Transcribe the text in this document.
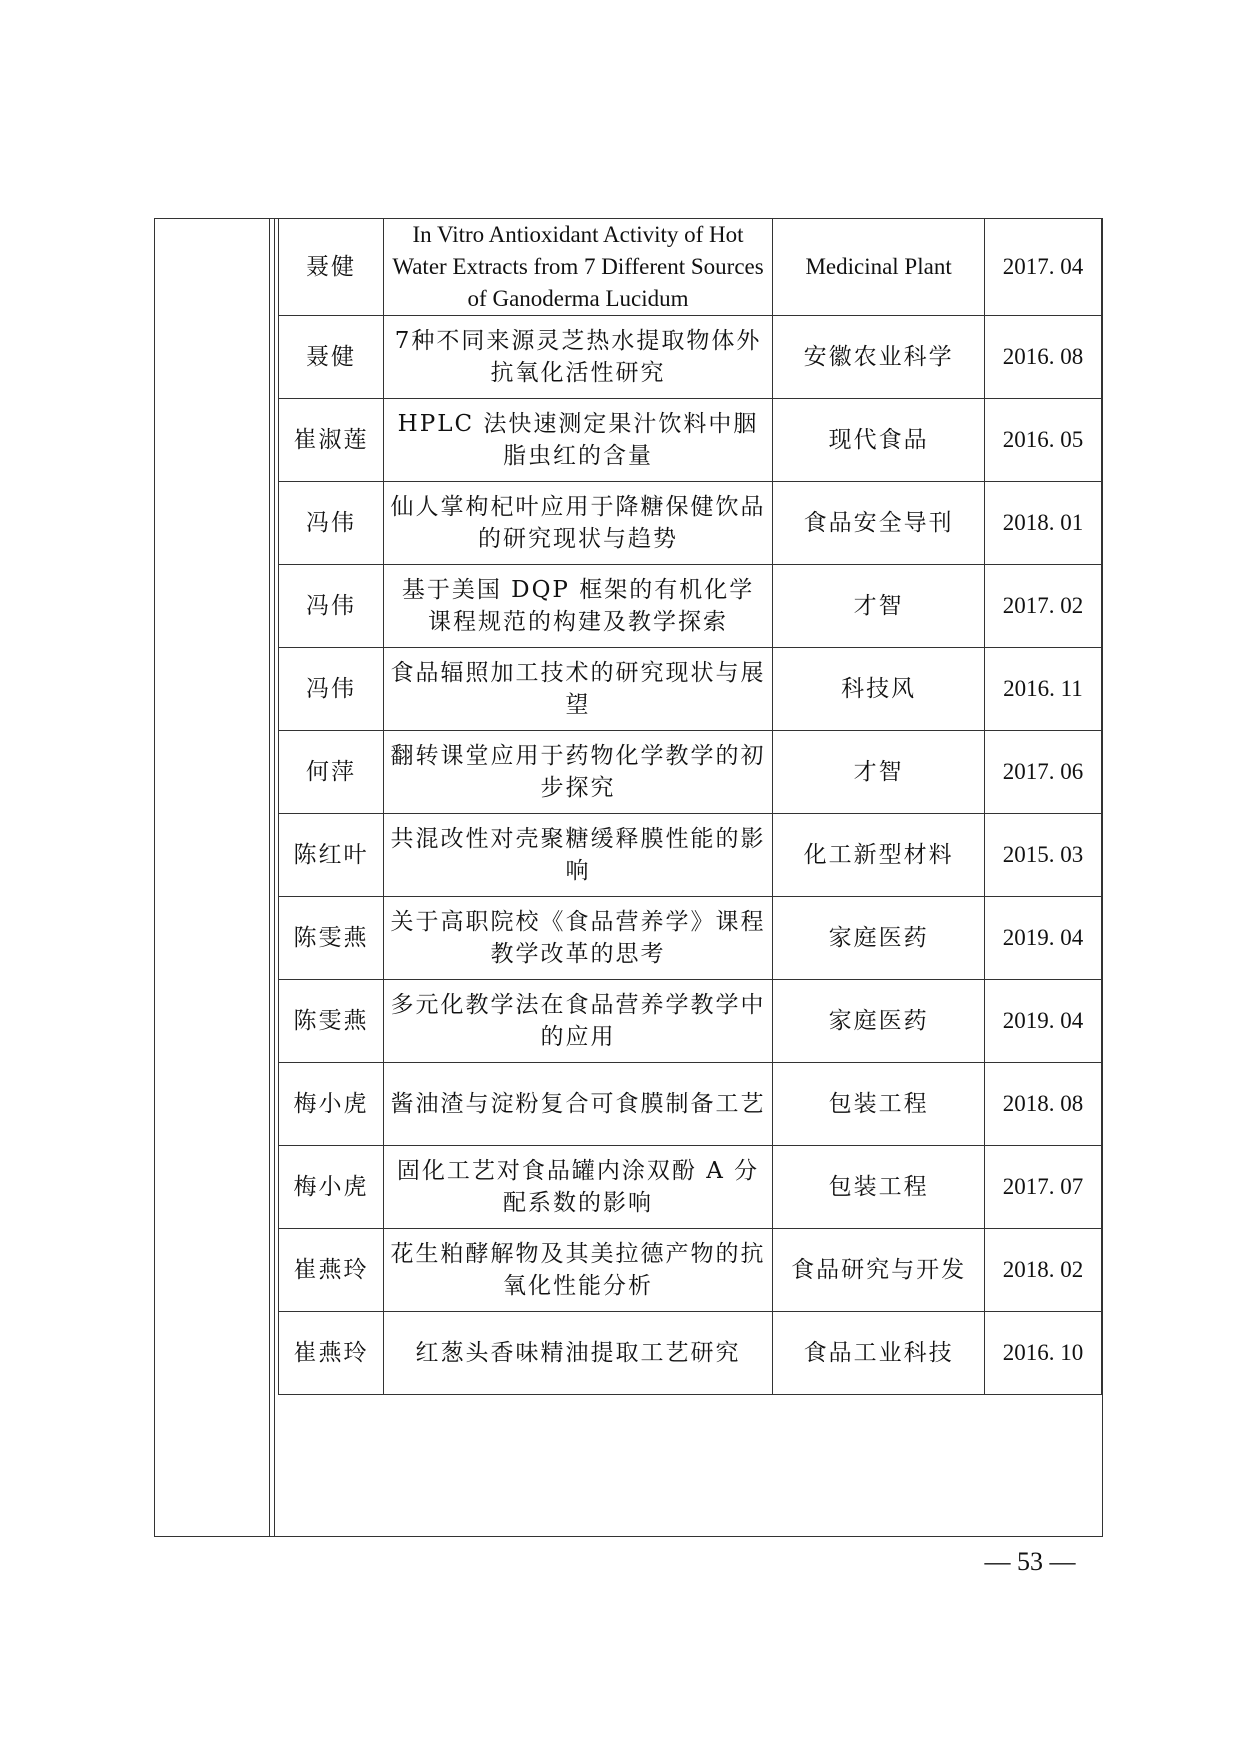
聂健	In Vitro Antioxidant Activity of Hot Water Extracts from 7 Different Sources of Ganoderma Lucidum	Medicinal Plant	2017. 04
聂健	7种不同来源灵芝热水提取物体外抗氧化活性研究	安徽农业科学	2016. 08
崔淑莲	HPLC 法快速测定果汁饮料中胭脂虫红的含量	现代食品	2016. 05
冯伟	仙人掌枸杞叶应用于降糖保健饮品的研究现状与趋势	食品安全导刊	2018. 01
冯伟	基于美国 DQP 框架的有机化学课程规范的构建及教学探索	才智	2017. 02
冯伟	食品辐照加工技术的研究现状与展望	科技风	2016. 11
何萍	翻转课堂应用于药物化学教学的初步探究	才智	2017. 06
陈红叶	共混改性对壳聚糖缓释膜性能的影响	化工新型材料	2015. 03
陈雯燕	关于高职院校《食品营养学》课程教学改革的思考	家庭医药	2019. 04
陈雯燕	多元化教学法在食品营养学教学中的应用	家庭医药	2019. 04
梅小虎	酱油渣与淀粉复合可食膜制备工艺	包装工程	2018. 08
梅小虎	固化工艺对食品罐内涂双酚 A 分配系数的影响	包装工程	2017. 07
崔燕玲	花生粕酵解物及其美拉德产物的抗氧化性能分析	食品研究与开发	2018. 02
崔燕玲	红葱头香味精油提取工艺研究	食品工业科技	2016. 10
— 53 —
